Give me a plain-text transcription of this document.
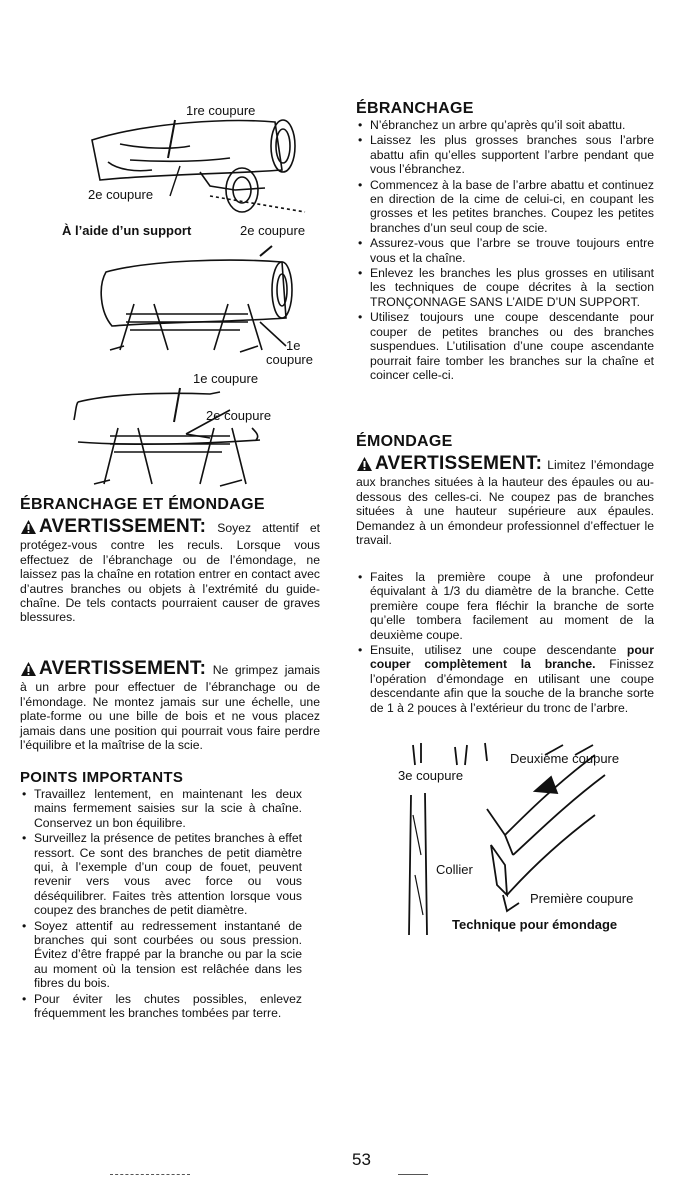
1re coupure
2e coupure
À l’aide d’un support	2e coupure
1e
coupure
1e coupure
2e coupure
ÉBRANCHAGE ET ÉMONDAGE
AVERTISSEMENT: Soyez attentif et protégez-vous contre les reculs. Lorsque vous effectuez de l’ébranchage ou de l’émondage, ne laissez pas la chaîne en rotation entrer en contact avec d’autres branches ou objets à l’extrémité du guide-chaîne. De tels contacts pourraient causer de graves blessures.
AVERTISSEMENT: Ne grimpez jamais à un arbre pour effectuer de l’ébranchage ou de l’émondage. Ne montez jamais sur une échelle, une plate-forme ou une bille de bois et ne vous placez jamais dans une position qui pourrait vous faire perdre l’équilibre et la maîtrise de la scie.
POINTS IMPORTANTS
• Travaillez lentement, en maintenant les deux mains fermement saisies sur la scie à chaîne. Conservez un bon équilibre.
• Surveillez la présence de petites branches à effet ressort. Ce sont des branches de petit diamètre qui, à l’exemple d’un coup de fouet, peuvent revenir vers vous avec force ou vous déséquilibrer. Faites très attention lorsque vous coupez des branches de petit diamètre.
• Soyez attentif au redressement instantané de branches qui sont courbées ou sous pression. Évitez d’être frappé par la branche ou par la scie au moment où la tension est relâchée dans les fibres du bois.
• Pour éviter les chutes possibles, enlevez fréquemment les branches tombées par terre.
ÉBRANCHAGE
• N’ébranchez un arbre qu’après qu’il soit abattu.
• Laissez les plus grosses branches sous l’arbre abattu afin qu’elles supportent l’arbre pendant que vous l’ébranchez.
• Commencez à la base de l’arbre abattu et continuez en direction de la cime de celui-ci, en coupant les grosses et les petites branches. Coupez les petites branches d’un seul coup de scie.
• Assurez-vous que l’arbre se trouve toujours entre vous et la chaîne.
• Enlevez les branches les plus grosses en utilisant les techniques de coupe décrites à la section TRONÇONNAGE SANS L’AIDE D’UN SUPPORT.
• Utilisez toujours une coupe descendante pour couper de petites branches ou des branches suspendues. L’utilisation d’une coupe ascendante pourrait faire tomber les branches sur la chaîne et coincer celle-ci.
ÉMONDAGE
AVERTISSEMENT: Limitez l’émondage aux branches situées à la hauteur des épaules ou au-dessous des celles-ci. Ne coupez pas de branches situées à une hauteur supérieure aux épaules. Demandez à un émondeur professionnel d’effectuer le travail.
• Faites la première coupe à une profondeur équivalant à 1/3 du diamètre de la branche. Cette première coupe fera fléchir la branche de sorte qu’elle tombera facilement au moment de la deuxième coupe.
• Ensuite, utilisez une coupe descendante pour couper complètement la branche. Finissez l’opération d’émondage en utilisant une coupe descendante afin que la souche de la branche sorte de 1 à 2 pouces à l’extérieur du tronc de l’arbre.
3e coupure
Deuxième coupure
Collier
Première coupure
Technique pour émondage
53
